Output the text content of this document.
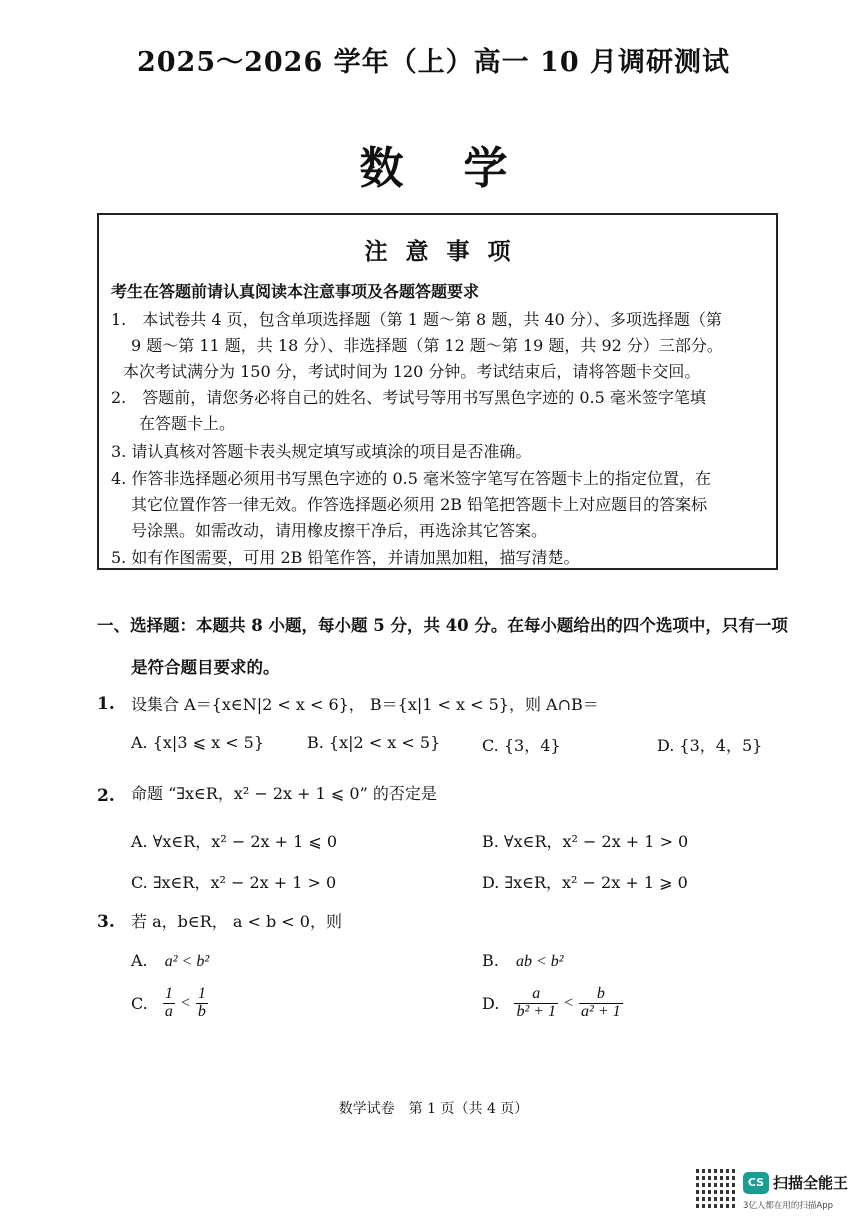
2025～2026 学年（上）高一 10 月调研测试
数学
注意事项
考生在答题前请认真阅读本注意事项及各题答题要求
1.　本试卷共 4 页，包含单项选择题（第 1 题～第 8 题，共 40 分）、多项选择题（第
9 题～第 11 题，共 18 分）、非选择题（第 12 题～第 19 题，共 92 分）三部分。
本次考试满分为 150 分，考试时间为 120 分钟。考试结束后，请将答题卡交回。
2.　答题前，请您务必将自己的姓名、考试号等用书写黑色字迹的 0.5 毫米签字笔填
在答题卡上。
3. 请认真核对答题卡表头规定填写或填涂的项目是否准确。
4. 作答非选择题必须用书写黑色字迹的 0.5 毫米签字笔写在答题卡上的指定位置，在
其它位置作答一律无效。作答选择题必须用 2B 铅笔把答题卡上对应题目的答案标
号涂黑。如需改动，请用橡皮擦干净后，再选涂其它答案。
5. 如有作图需要，可用 2B 铅笔作答，并请加黑加粗，描写清楚。
一、选择题：本题共 8 小题，每小题 5 分，共 40 分。在每小题给出的四个选项中，只有一项
是符合题目要求的。
1. 设集合 A＝{x∈N|2 < x < 6}， B＝{x|1 < x < 5}，则 A∩B＝
A. {x|3 ⩽ x < 5}	B. {x|2 < x < 5}	C. {3，4}	D. {3，4，5}
2. 命题 “∃x∈R，x² − 2x + 1 ⩽ 0” 的否定是
A. ∀x∈R，x² − 2x + 1 ⩽ 0	B. ∀x∈R，x² − 2x + 1 > 0
C. ∃x∈R，x² − 2x + 1 > 0	D. ∃x∈R，x² − 2x + 1 ⩾ 0
3. 若 a，b∈R， a < b < 0，则
A. a² < b²	B. ab < b²
C. $\frac{1}{a} < \frac{1}{b}$	D. $\frac{a}{\text{b² + 1}} < \frac{b}{\text{a² + 1}}$
数学试卷　第 1 页（共 4 页）
CS 扫描全能王
3亿人都在用的扫描App
